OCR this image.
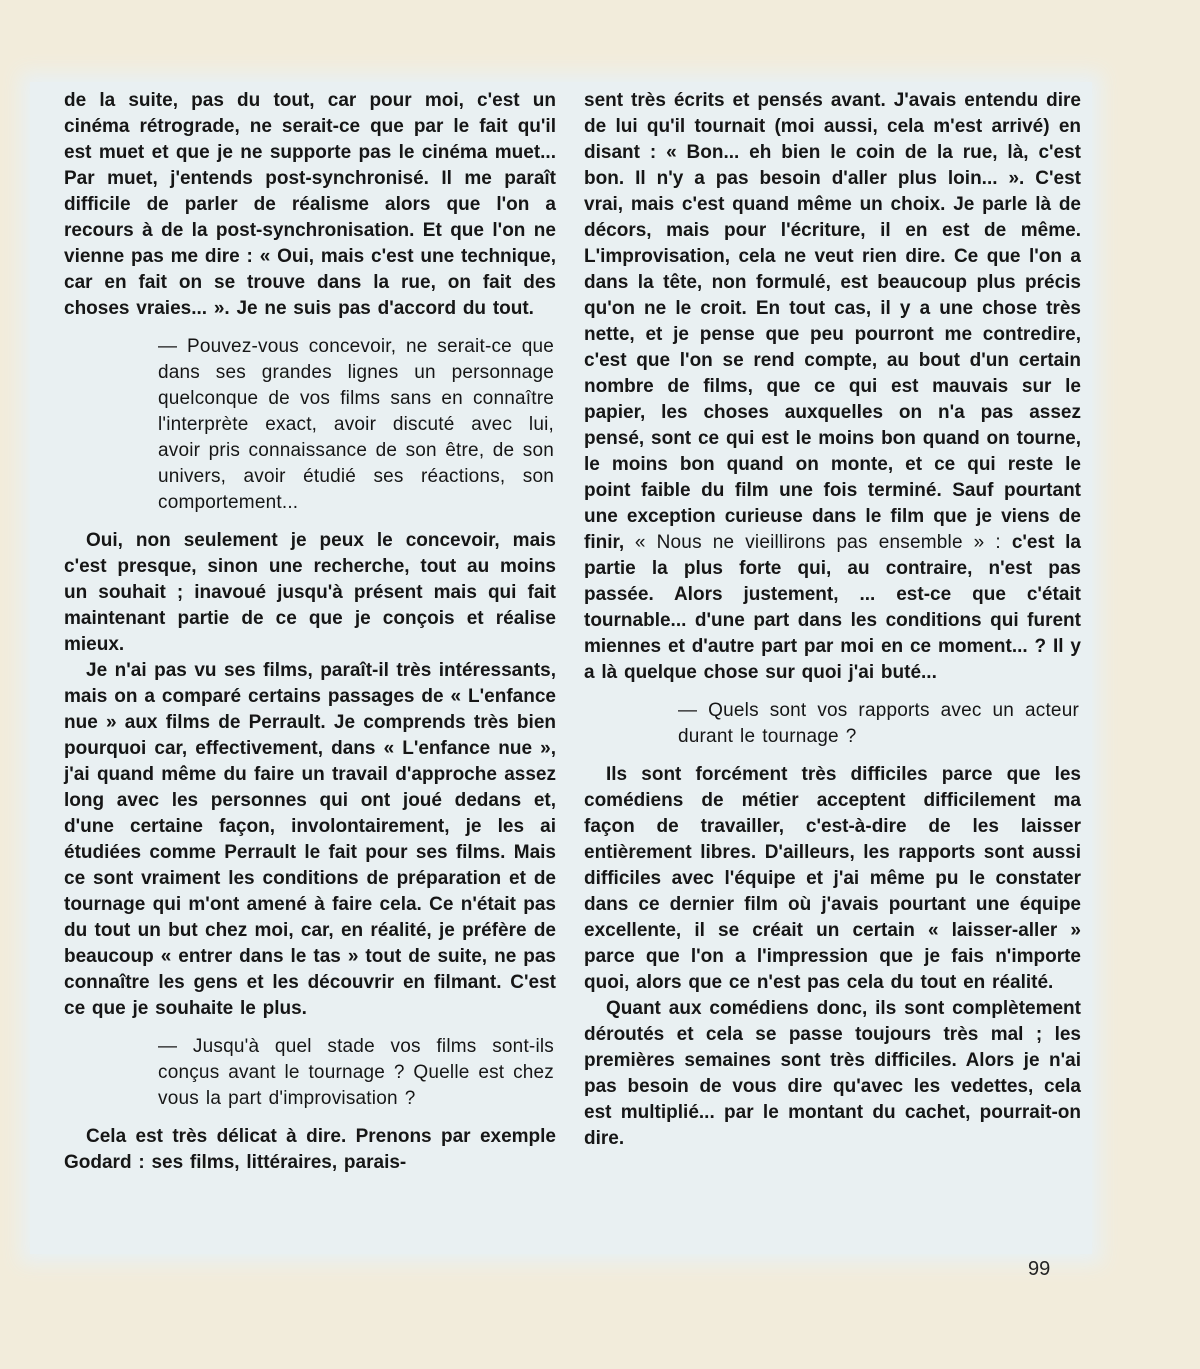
de la suite, pas du tout, car pour moi, c'est un cinéma rétrograde, ne serait-ce que par le fait qu'il est muet et que je ne supporte pas le cinéma muet... Par muet, j'entends post-synchronisé. Il me paraît difficile de parler de réalisme alors que l'on a recours à de la post-synchronisation. Et que l'on ne vienne pas me dire : « Oui, mais c'est une technique, car en fait on se trouve dans la rue, on fait des choses vraies... ». Je ne suis pas d'accord du tout.

— Pouvez-vous concevoir, ne serait-ce que dans ses grandes lignes un personnage quelconque de vos films sans en connaître l'interprète exact, avoir discuté avec lui, avoir pris connaissance de son être, de son univers, avoir étudié ses réactions, son comportement...

Oui, non seulement je peux le concevoir, mais c'est presque, sinon une recherche, tout au moins un souhait ; inavoué jusqu'à présent mais qui fait maintenant partie de ce que je conçois et réalise mieux.

Je n'ai pas vu ses films, paraît-il très intéressants, mais on a comparé certains passages de « L'enfance nue » aux films de Perrault. Je comprends très bien pourquoi car, effectivement, dans « L'enfance nue », j'ai quand même du faire un travail d'approche assez long avec les personnes qui ont joué dedans et, d'une certaine façon, involontairement, je les ai étudiées comme Perrault le fait pour ses films. Mais ce sont vraiment les conditions de préparation et de tournage qui m'ont amené à faire cela. Ce n'était pas du tout un but chez moi, car, en réalité, je préfère de beaucoup « entrer dans le tas » tout de suite, ne pas connaître les gens et les découvrir en filmant. C'est ce que je souhaite le plus.

— Jusqu'à quel stade vos films sont-ils conçus avant le tournage ? Quelle est chez vous la part d'improvisation ?

Cela est très délicat à dire. Prenons par exemple Godard : ses films, littéraires, parais-

sent très écrits et pensés avant. J'avais entendu dire de lui qu'il tournait (moi aussi, cela m'est arrivé) en disant : « Bon... eh bien le coin de la rue, là, c'est bon. Il n'y a pas besoin d'aller plus loin... ». C'est vrai, mais c'est quand même un choix. Je parle là de décors, mais pour l'écriture, il en est de même. L'improvisation, cela ne veut rien dire. Ce que l'on a dans la tête, non formulé, est beaucoup plus précis qu'on ne le croit. En tout cas, il y a une chose très nette, et je pense que peu pourront me contredire, c'est que l'on se rend compte, au bout d'un certain nombre de films, que ce qui est mauvais sur le papier, les choses auxquelles on n'a pas assez pensé, sont ce qui est le moins bon quand on tourne, le moins bon quand on monte, et ce qui reste le point faible du film une fois terminé. Sauf pourtant une exception curieuse dans le film que je viens de finir, « Nous ne vieillirons pas ensemble » : c'est la partie la plus forte qui, au contraire, n'est pas passée. Alors justement, ... est-ce que c'était tournable... d'une part dans les conditions qui furent miennes et d'autre part par moi en ce moment... ? Il y a là quelque chose sur quoi j'ai buté...

— Quels sont vos rapports avec un acteur durant le tournage ?

Ils sont forcément très difficiles parce que les comédiens de métier acceptent difficilement ma façon de travailler, c'est-à-dire de les laisser entièrement libres. D'ailleurs, les rapports sont aussi difficiles avec l'équipe et j'ai même pu le constater dans ce dernier film où j'avais pourtant une équipe excellente, il se créait un certain « laisser-aller » parce que l'on a l'impression que je fais n'importe quoi, alors que ce n'est pas cela du tout en réalité.

Quant aux comédiens donc, ils sont complètement déroutés et cela se passe toujours très mal ; les premières semaines sont très difficiles. Alors je n'ai pas besoin de vous dire qu'avec les vedettes, cela est multiplié... par le montant du cachet, pourrait-on dire.

99
